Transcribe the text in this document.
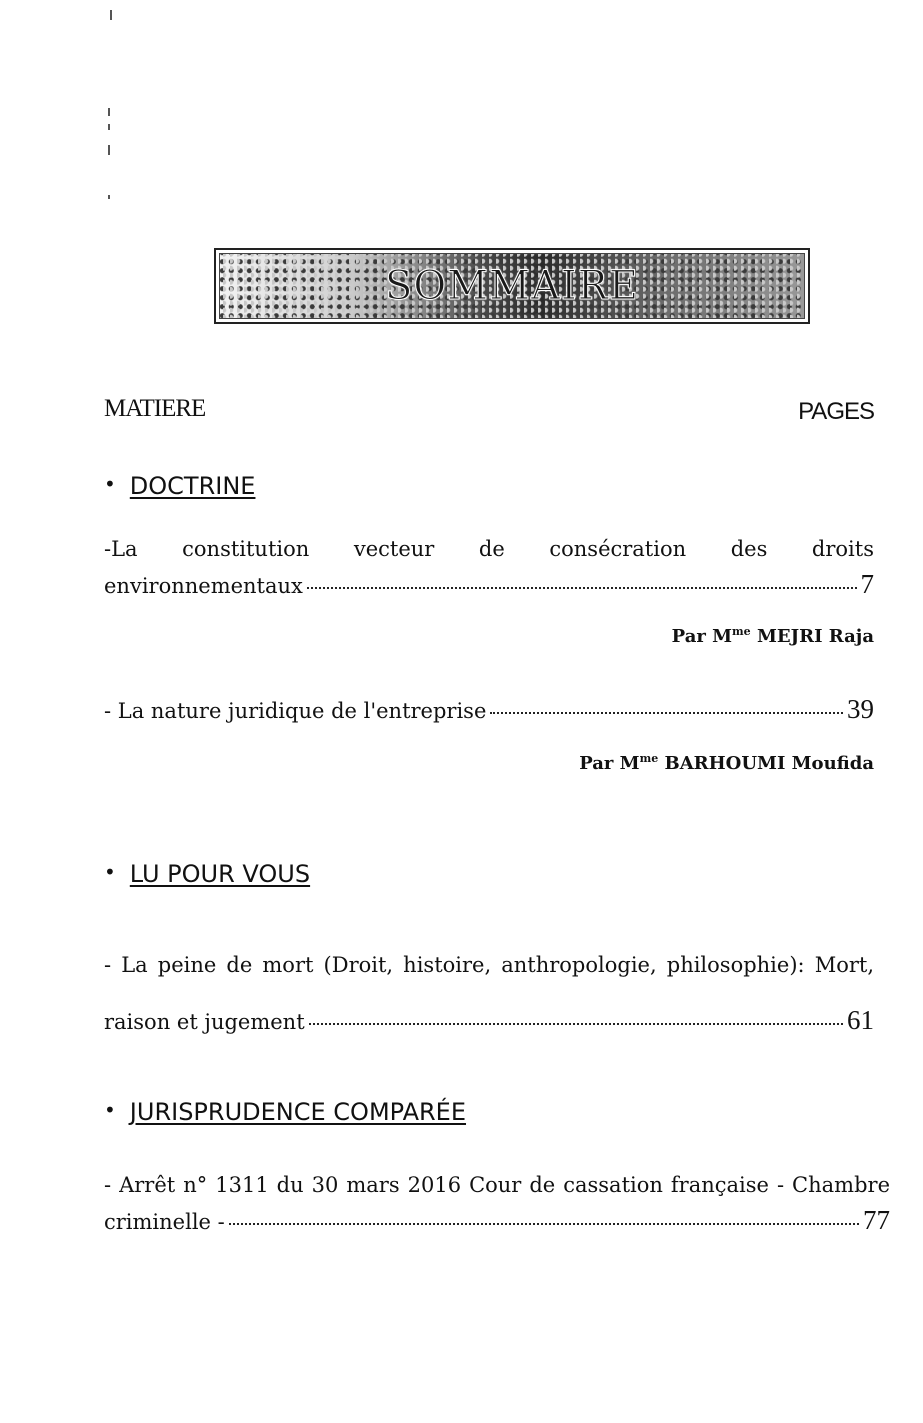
SOMMAIRE
MATIERE	PAGES
• DOCTRINE
-La constitution vecteur de consécration des droits
environnementaux	7
Par $M^{me}$ MEJRI Raja
- La nature juridique de l'entreprise	39
Par $M^{me}$ BARHOUMI Moufida
• LU POUR VOUS
- La peine de mort (Droit, histoire, anthropologie, philosophie): Mort,
raison et jugement	61
• JURISPRUDENCE COMPARÉE
- Arrêt n° 1311 du 30 mars 2016 Cour de cassation française - Chambre
criminelle -	77
